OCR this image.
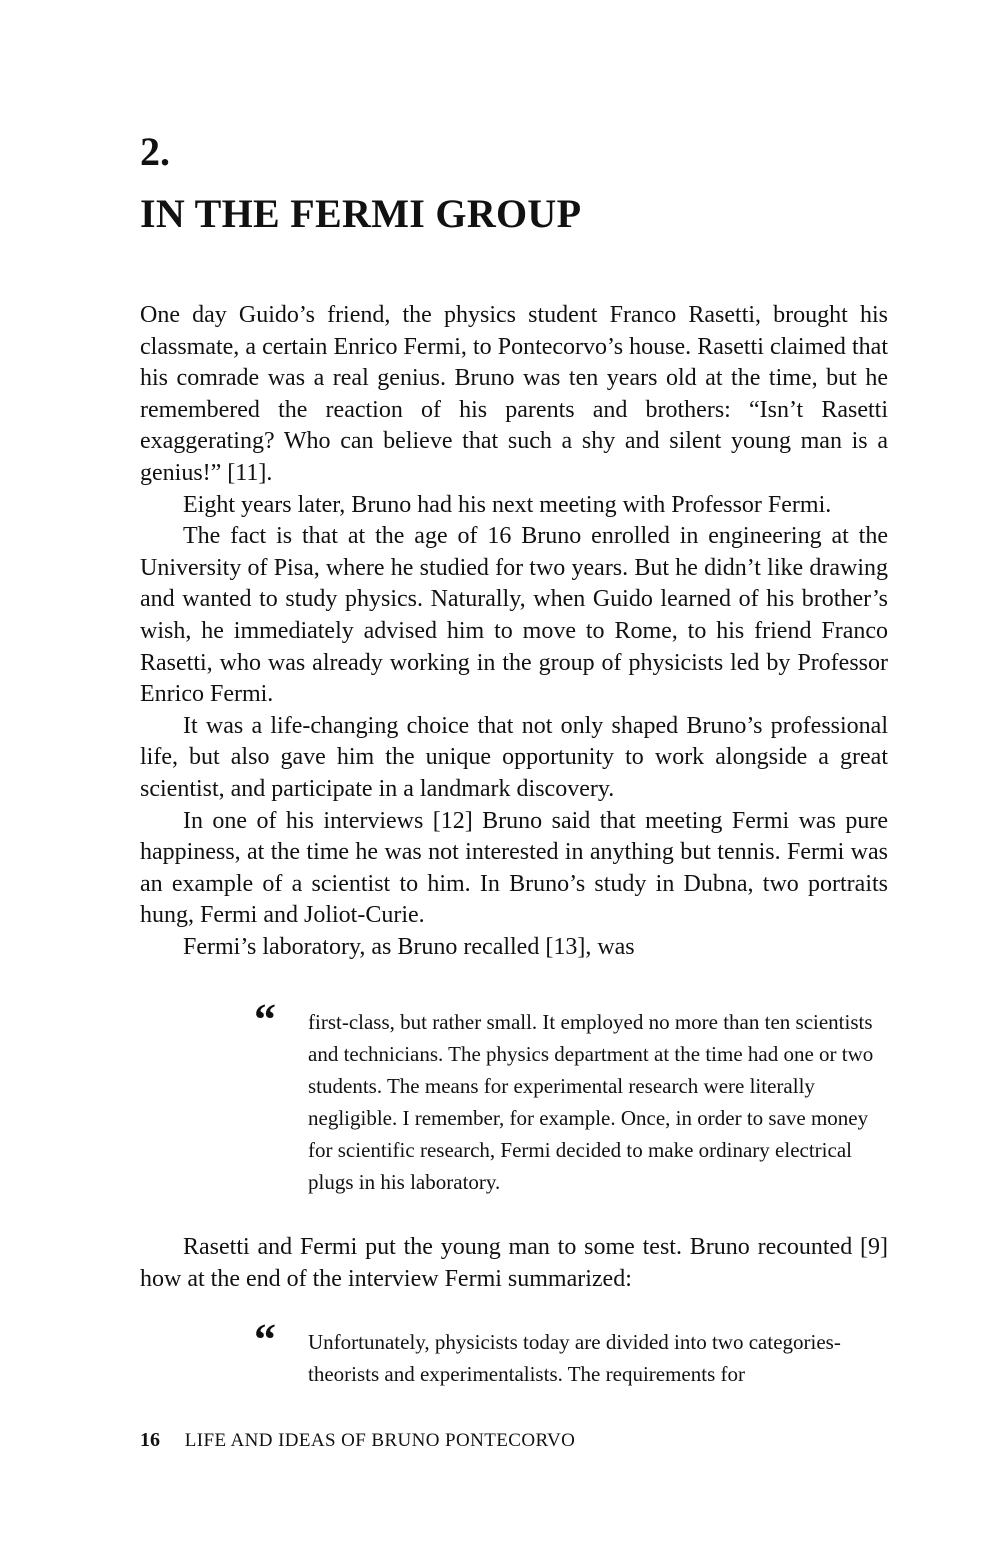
2.
IN THE FERMI GROUP

One day Guido’s friend, the physics student Franco Rasetti, brought his classmate, a certain Enrico Fermi, to Pontecorvo’s house. Rasetti claimed that his comrade was a real genius. Bruno was ten years old at the time, but he remembered the reaction of his parents and brothers: “Isn’t Rasetti exaggerating? Who can believe that such a shy and silent young man is a genius!” [11].

Eight years later, Bruno had his next meeting with Professor Fermi.

The fact is that at the age of 16 Bruno enrolled in engineering at the University of Pisa, where he studied for two years. But he didn’t like drawing and wanted to study physics. Naturally, when Guido learned of his brother’s wish, he immediately advised him to move to Rome, to his friend Franco Rasetti, who was already working in the group of physicists led by Professor Enrico Fermi.

It was a life-changing choice that not only shaped Bruno’s professional life, but also gave him the unique opportunity to work alongside a great scientist, and participate in a landmark discovery.

In one of his interviews [12] Bruno said that meeting Fermi was pure happiness, at the time he was not interested in anything but tennis. Fermi was an example of a scientist to him. In Bruno’s study in Dubna, two portraits hung, Fermi and Joliot-Curie.

Fermi’s laboratory, as Bruno recalled [13], was

“ first-class, but rather small. It employed no more than ten scientists and technicians. The physics department at the time had one or two students. The means for experimental research were literally negligible. I remember, for example. Once, in order to save money for scientific research, Fermi decided to make ordinary electrical plugs in his laboratory.

Rasetti and Fermi put the young man to some test. Bruno recounted [9] how at the end of the interview Fermi summarized:

“ Unfortunately, physicists today are divided into two categories-theorists and experimentalists. The requirements for

16 LIFE AND IDEAS OF BRUNO PONTECORVO
